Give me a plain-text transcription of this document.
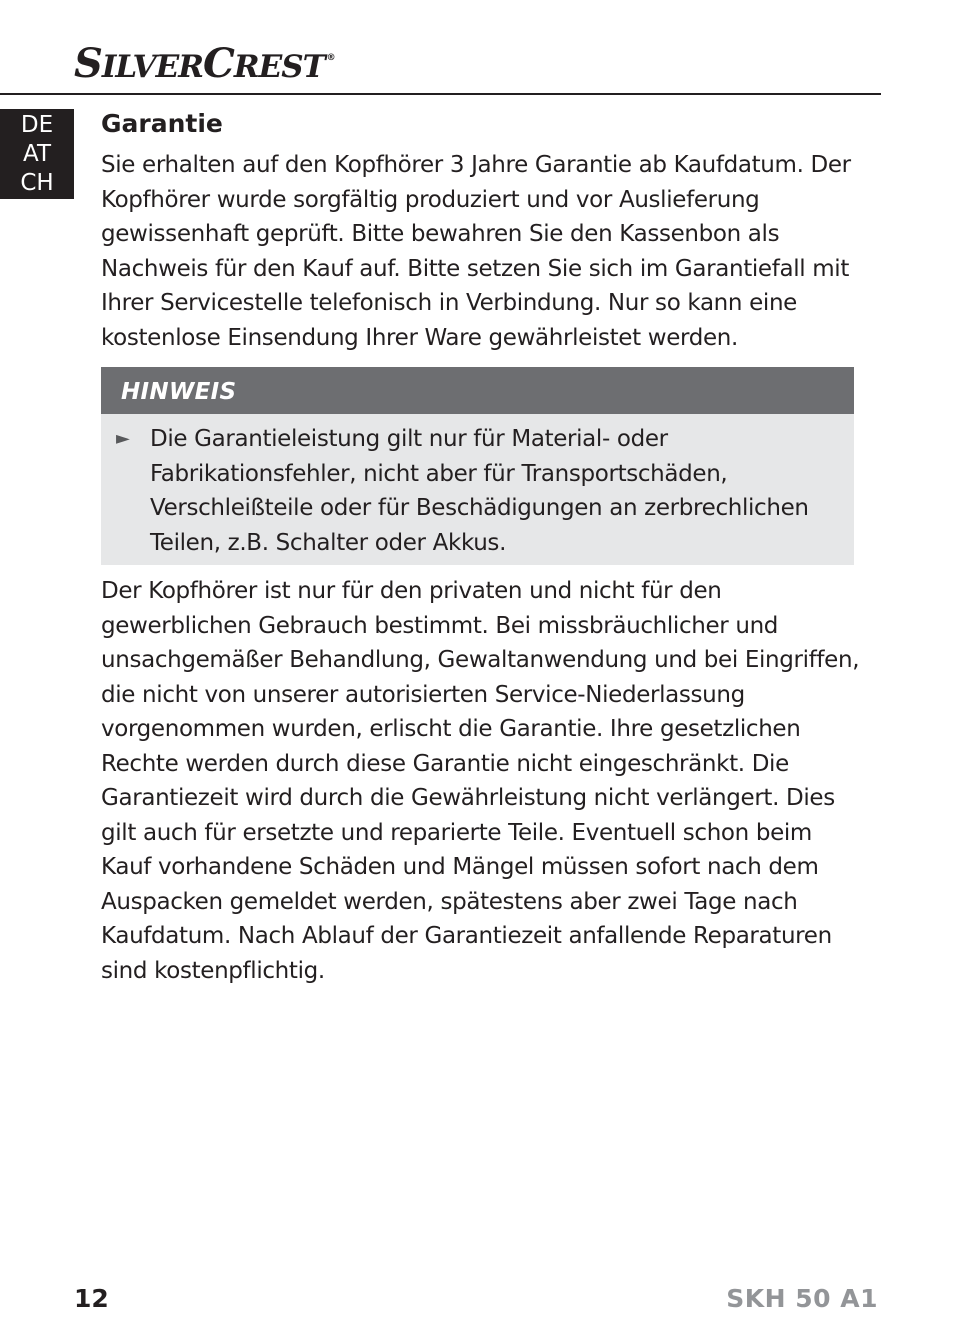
SILVERCREST ®
DE
AT
CH
Garantie

Sie erhalten auf den Kopfhörer 3 Jahre Garantie ab Kaufdatum. Der Kopfhörer wurde sorgfältig produziert und vor Auslieferung gewissenhaft geprüft. Bitte bewahren Sie den Kassenbon als Nachweis für den Kauf auf. Bitte setzen Sie sich im Garantiefall mit Ihrer Servicestelle telefonisch in Verbindung. Nur so kann eine kostenlose Einsendung Ihrer Ware gewährleistet werden.

HINWEIS
► Die Garantieleistung gilt nur für Material- oder Fabrikationsfehler, nicht aber für Transportschäden, Verschleißteile oder für Beschädigungen an zerbrechlichen Teilen, z.B. Schalter oder Akkus.

Der Kopfhörer ist nur für den privaten und nicht für den gewerblichen Gebrauch bestimmt. Bei missbräuchlicher und unsachgemäßer Behandlung, Gewaltanwendung und bei Eingriffen, die nicht von unserer autorisierten Service-Niederlassung vorgenommen wurden, erlischt die Garantie. Ihre gesetzlichen Rechte werden durch diese Garantie nicht eingeschränkt. Die Garantiezeit wird durch die Gewährleistung nicht verlängert. Dies gilt auch für ersetzte und reparierte Teile. Eventuell schon beim Kauf vorhandene Schäden und Mängel müssen sofort nach dem Auspacken gemeldet werden, spätestens aber zwei Tage nach Kaufdatum. Nach Ablauf der Garantiezeit anfallende Reparaturen sind kostenpflichtig.

12	SKH 50 A1
